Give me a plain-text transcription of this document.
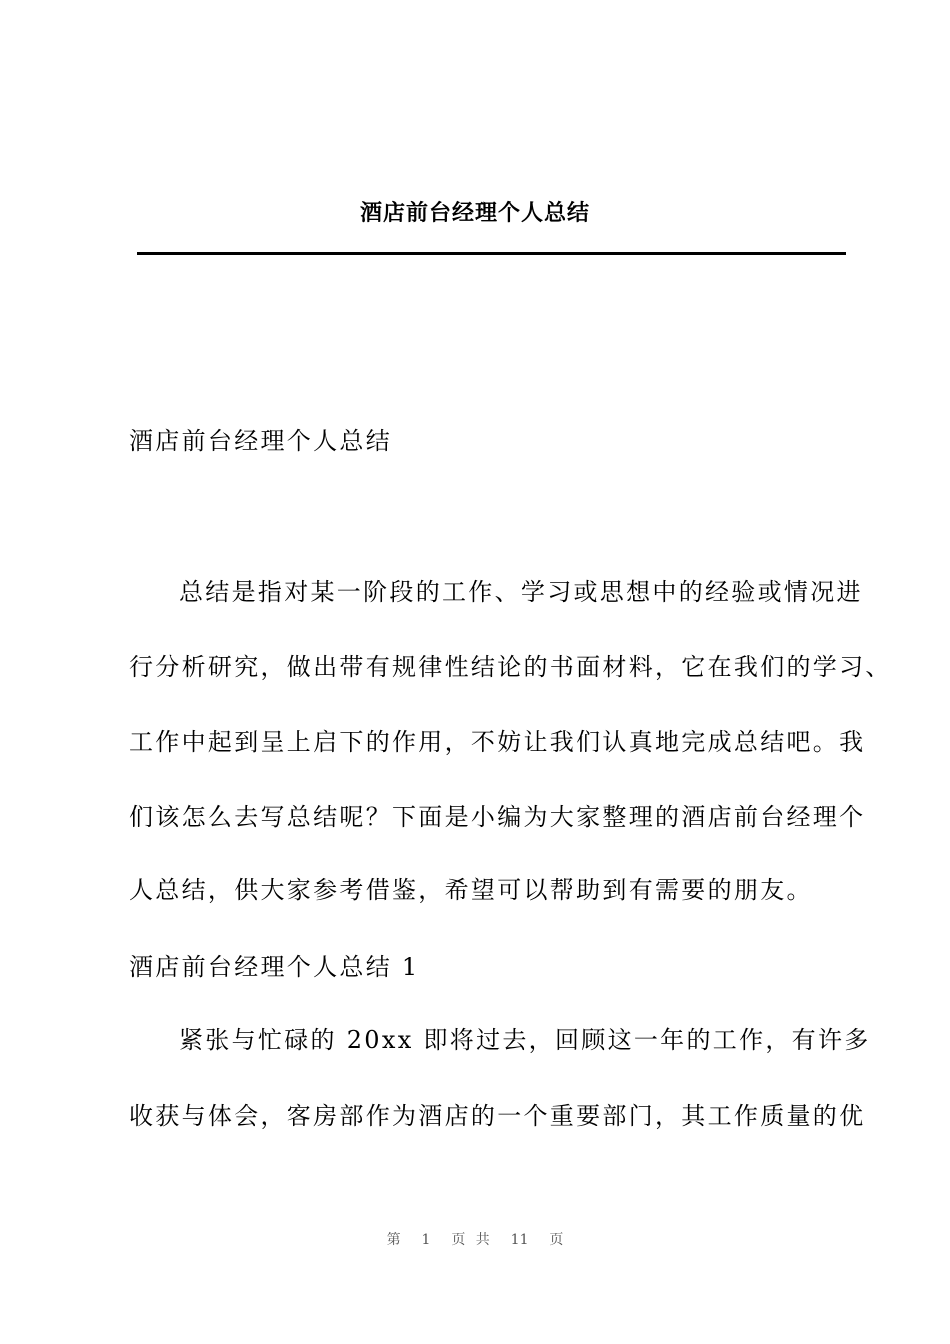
酒店前台经理个人总结
酒店前台经理个人总结
总结是指对某一阶段的工作、学习或思想中的经验或情况进
行分析研究，做出带有规律性结论的书面材料，它在我们的学习、
工作中起到呈上启下的作用，不妨让我们认真地完成总结吧。我
们该怎么去写总结呢？下面是小编为大家整理的酒店前台经理个
人总结，供大家参考借鉴，希望可以帮助到有需要的朋友。
酒店前台经理个人总结 1
紧张与忙碌的 20xx 即将过去，回顾这一年的工作，有许多
收获与体会，客房部作为酒店的一个重要部门，其工作质量的优
第  1  页 共  11  页
